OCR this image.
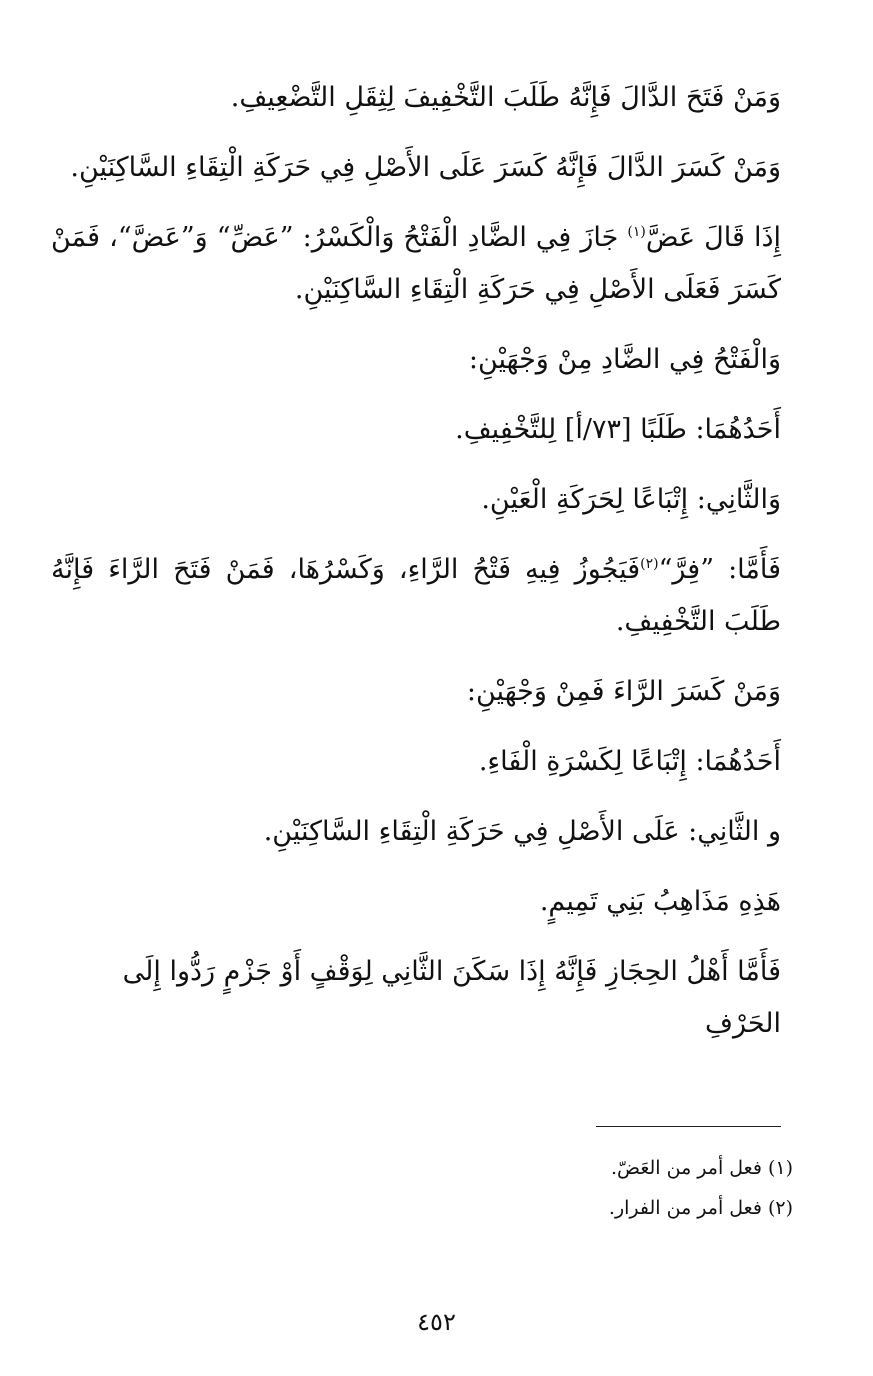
وَمَنْ فَتَحَ الدَّالَ فَإِنَّهُ طَلَبَ التَّخْفِيفَ لِثِقَلِ التَّضْعِيفِ.

وَمَنْ كَسَرَ الدَّالَ فَإِنَّهُ كَسَرَ عَلَى الأَصْلِ فِي حَرَكَةِ الْتِقَاءِ السَّاكِنَيْنِ.

إِذَا قَالَ عَضَّ$^{(١)}$ جَازَ فِي الضَّادِ الْفَتْحُ وَالْكَسْرُ: ”عَضِّ“ وَ”عَضَّ“، فَمَنْ كَسَرَ فَعَلَى الأَصْلِ فِي حَرَكَةِ الْتِقَاءِ السَّاكِنَيْنِ.

وَالْفَتْحُ فِي الضَّادِ مِنْ وَجْهَيْنِ:

أَحَدُهُمَا: طَلَبًا [٧٣/أ] لِلتَّخْفِيفِ.

وَالثَّانِي: إِتْبَاعًا لِحَرَكَةِ الْعَيْنِ.

فَأَمَّا: ”فِرَّ“$^{(٢)}$فَيَجُوزُ فِيهِ فَتْحُ الرَّاءِ، وَكَسْرُهَا، فَمَنْ فَتَحَ الرَّاءَ فَإِنَّهُ طَلَبَ التَّخْفِيفِ.

وَمَنْ كَسَرَ الرَّاءَ فَمِنْ وَجْهَيْنِ:

أَحَدُهُمَا: إِتْبَاعًا لِكَسْرَةِ الْفَاءِ.

و الثَّانِي: عَلَى الأَصْلِ فِي حَرَكَةِ الْتِقَاءِ السَّاكِنَيْنِ.

هَذِهِ مَذَاهِبُ بَنِي تَمِيمٍ.

فَأَمَّا أَهْلُ الحِجَازِ فَإِنَّهُ إِذَا سَكَنَ الثَّانِي لِوَقْفٍ أَوْ جَزْمٍ رَدُّوا إِلَى الحَرْفِ

(١) فعل أمر من العَضّ.

(٢) فعل أمر من الفرار.

٤٥٢
